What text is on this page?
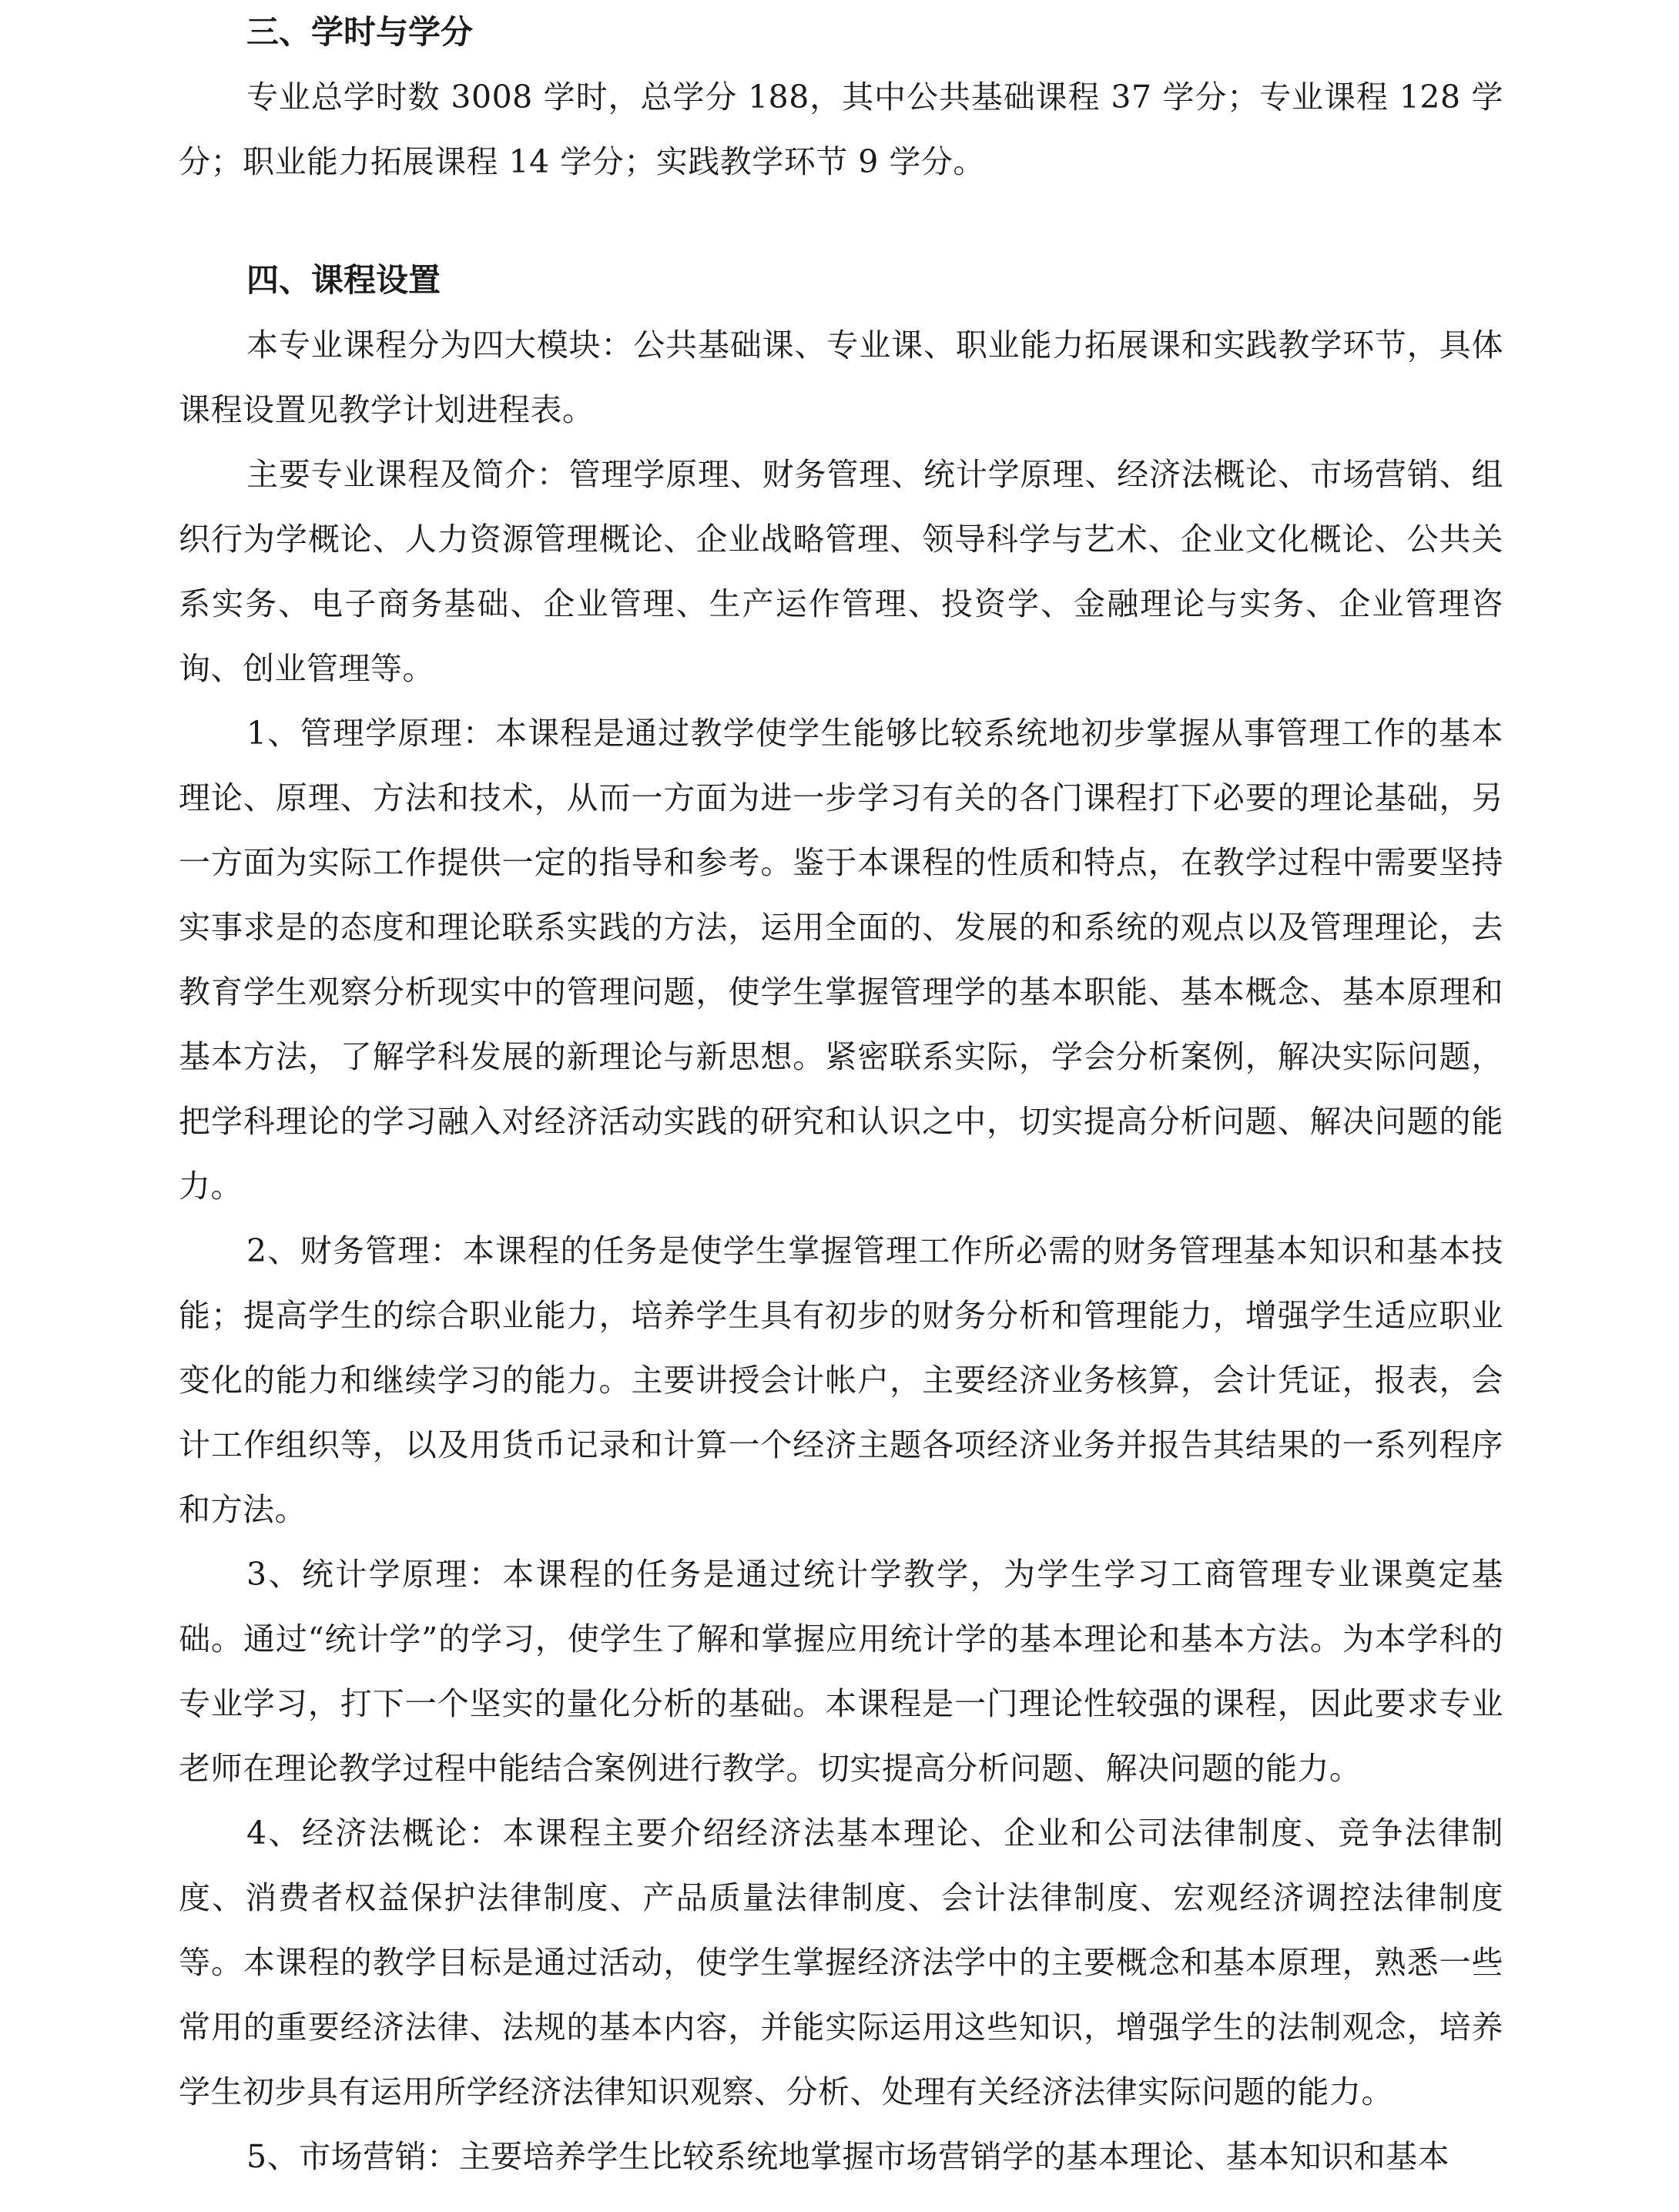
三、学时与学分

专业总学时数 3008 学时，总学分 188，其中公共基础课程 37 学分；专业课程 128 学分；职业能力拓展课程 14 学分；实践教学环节 9 学分。

四、课程设置

本专业课程分为四大模块：公共基础课、专业课、职业能力拓展课和实践教学环节，具体课程设置见教学计划进程表。

主要专业课程及简介：管理学原理、财务管理、统计学原理、经济法概论、市场营销、组织行为学概论、人力资源管理概论、企业战略管理、领导科学与艺术、企业文化概论、公共关系实务、电子商务基础、企业管理、生产运作管理、投资学、金融理论与实务、企业管理咨询、创业管理等。

1、管理学原理：本课程是通过教学使学生能够比较系统地初步掌握从事管理工作的基本理论、原理、方法和技术，从而一方面为进一步学习有关的各门课程打下必要的理论基础，另一方面为实际工作提供一定的指导和参考。鉴于本课程的性质和特点，在教学过程中需要坚持实事求是的态度和理论联系实践的方法，运用全面的、发展的和系统的观点以及管理理论，去教育学生观察分析现实中的管理问题，使学生掌握管理学的基本职能、基本概念、基本原理和基本方法，了解学科发展的新理论与新思想。紧密联系实际，学会分析案例，解决实际问题，把学科理论的学习融入对经济活动实践的研究和认识之中，切实提高分析问题、解决问题的能力。

2、财务管理：本课程的任务是使学生掌握管理工作所必需的财务管理基本知识和基本技能；提高学生的综合职业能力，培养学生具有初步的财务分析和管理能力，增强学生适应职业变化的能力和继续学习的能力。主要讲授会计帐户，主要经济业务核算，会计凭证，报表，会计工作组织等，以及用货币记录和计算一个经济主题各项经济业务并报告其结果的一系列程序和方法。

3、统计学原理：本课程的任务是通过统计学教学，为学生学习工商管理专业课奠定基础。通过“统计学”的学习，使学生了解和掌握应用统计学的基本理论和基本方法。为本学科的专业学习，打下一个坚实的量化分析的基础。本课程是一门理论性较强的课程，因此要求专业老师在理论教学过程中能结合案例进行教学。切实提高分析问题、解决问题的能力。

4、经济法概论：本课程主要介绍经济法基本理论、企业和公司法律制度、竞争法律制度、消费者权益保护法律制度、产品质量法律制度、会计法律制度、宏观经济调控法律制度等。本课程的教学目标是通过活动，使学生掌握经济法学中的主要概念和基本原理，熟悉一些常用的重要经济法律、法规的基本内容，并能实际运用这些知识，增强学生的法制观念，培养学生初步具有运用所学经济法律知识观察、分析、处理有关经济法律实际问题的能力。

5、市场营销：主要培养学生比较系统地掌握市场营销学的基本理论、基本知识和基本
